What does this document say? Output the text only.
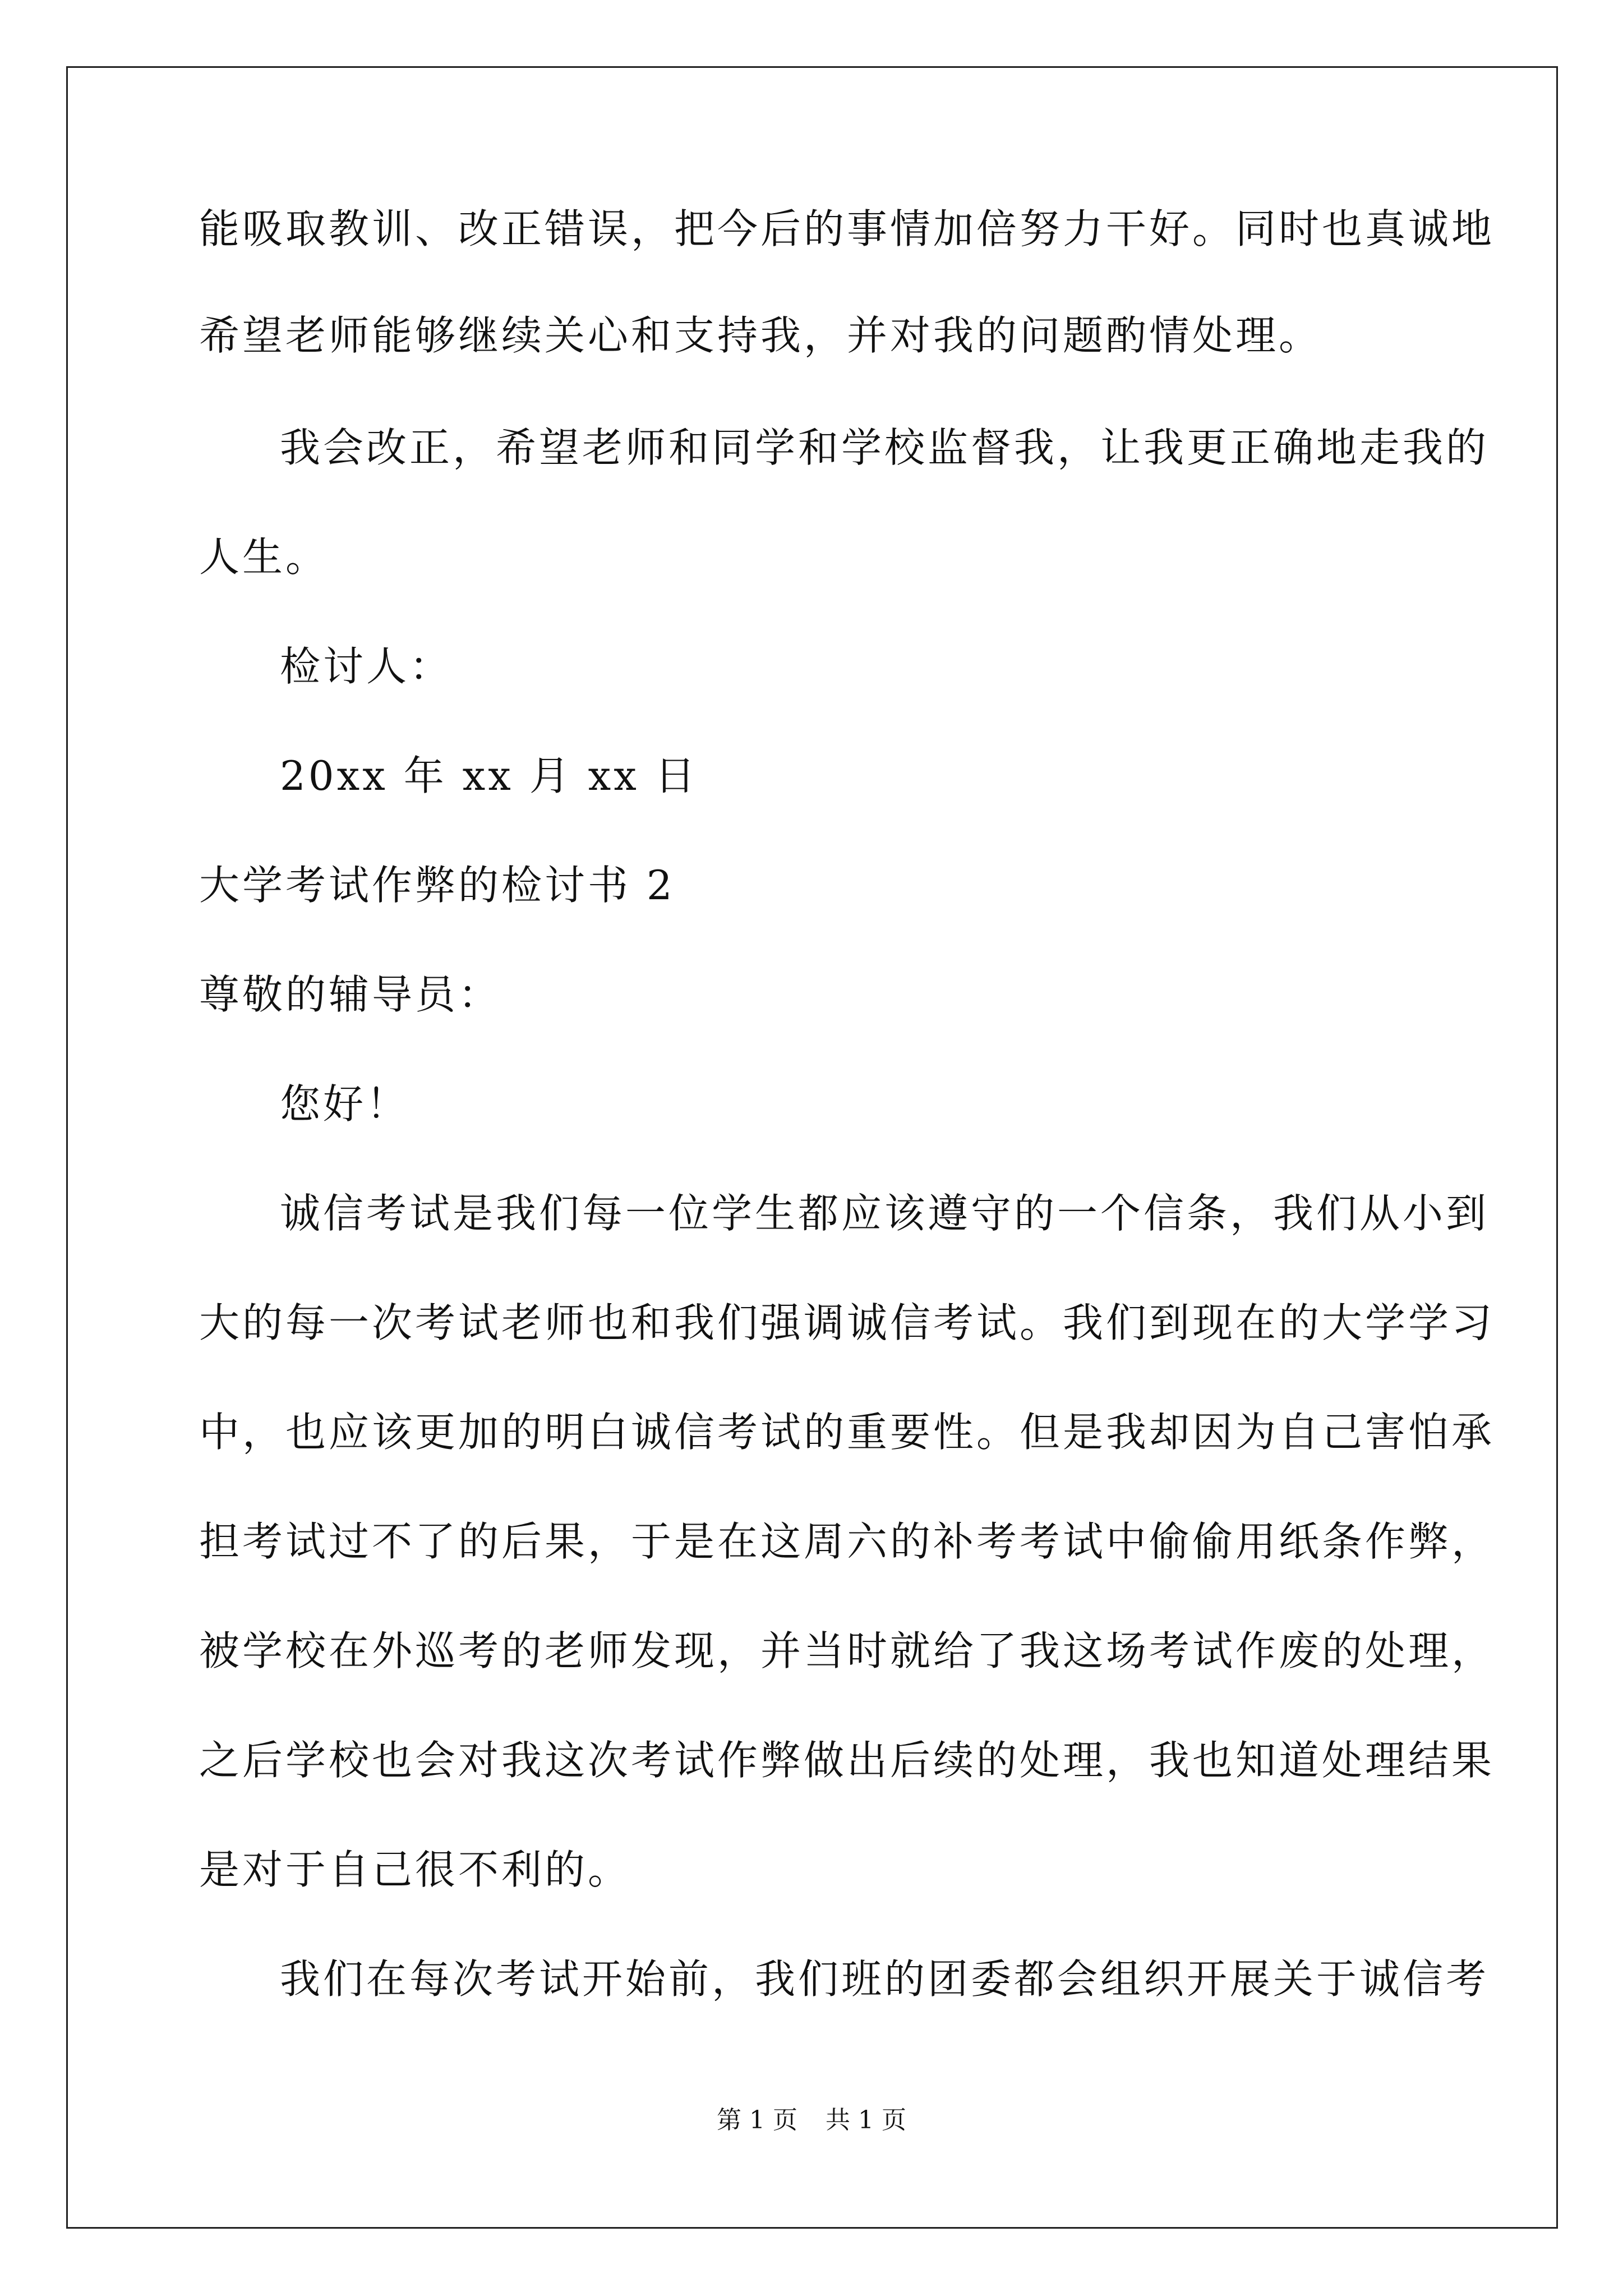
能吸取教训、改正错误，把今后的事情加倍努力干好。同时也真诚地
希望老师能够继续关心和支持我，并对我的问题酌情处理。
我会改正，希望老师和同学和学校监督我，让我更正确地走我的
人生。
检讨人：
20xx 年 xx 月 xx 日
大学考试作弊的检讨书 2
尊敬的辅导员：
您好！
诚信考试是我们每一位学生都应该遵守的一个信条，我们从小到
大的每一次考试老师也和我们强调诚信考试。我们到现在的大学学习
中，也应该更加的明白诚信考试的重要性。但是我却因为自己害怕承
担考试过不了的后果，于是在这周六的补考考试中偷偷用纸条作弊，
被学校在外巡考的老师发现，并当时就给了我这场考试作废的处理，
之后学校也会对我这次考试作弊做出后续的处理，我也知道处理结果
是对于自己很不利的。
我们在每次考试开始前，我们班的团委都会组织开展关于诚信考
第 1 页 共 1 页
